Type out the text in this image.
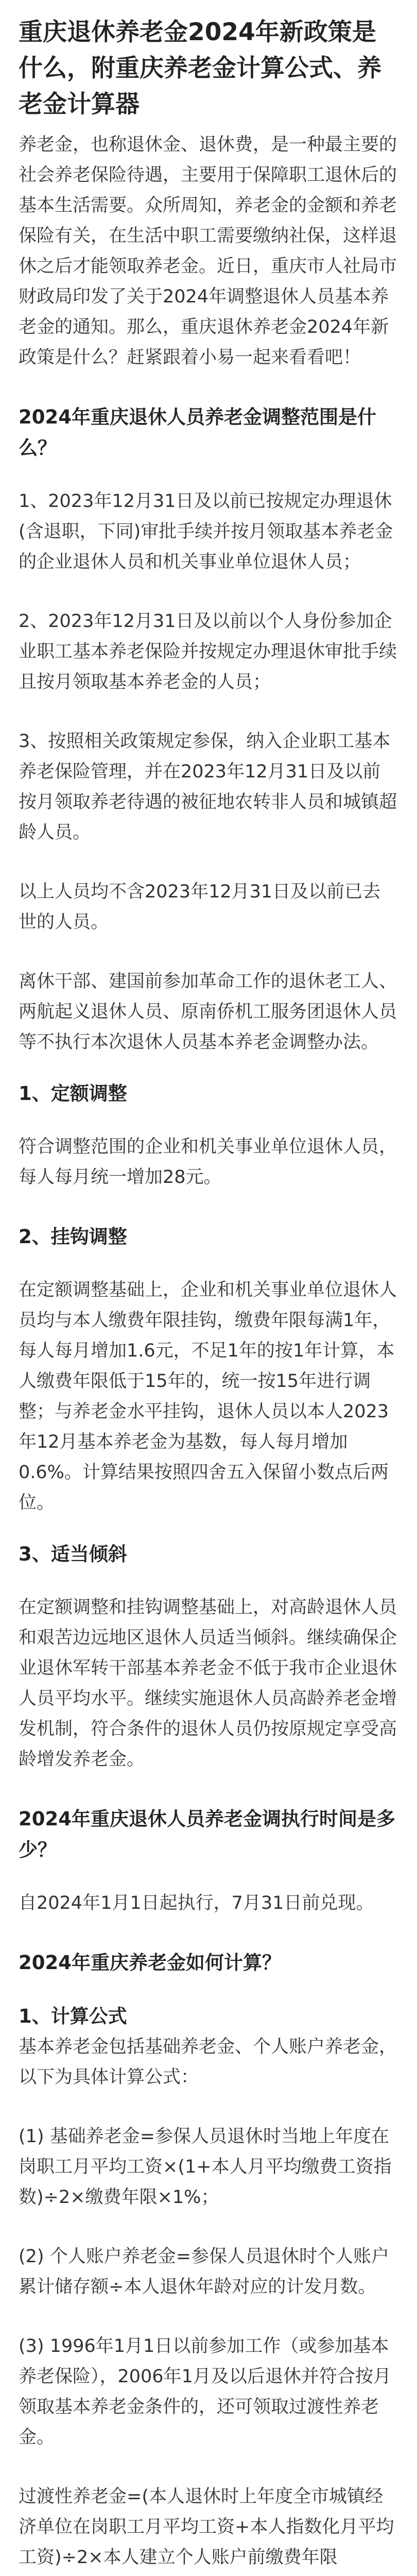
重庆退休养老金2024年新政策是什么，附重庆养老金计算公式、养老金计算器

养老金，也称退休金、退休费，是一种最主要的社会养老保险待遇，主要用于保障职工退休后的基本生活需要。众所周知，养老金的金额和养老保险有关，在生活中职工需要缴纳社保，这样退休之后才能领取养老金。近日，重庆市人社局市财政局印发了关于2024年调整退休人员基本养老金的通知。那么，重庆退休养老金2024年新政策是什么？赶紧跟着小易一起来看看吧！

2024年重庆退休人员养老金调整范围是什么？

1、2023年12月31日及以前已按规定办理退休(含退职，下同)审批手续并按月领取基本养老金的企业退休人员和机关事业单位退休人员；

2、2023年12月31日及以前以个人身份参加企业职工基本养老保险并按规定办理退休审批手续且按月领取基本养老金的人员；

3、按照相关政策规定参保，纳入企业职工基本养老保险管理，并在2023年12月31日及以前按月领取养老待遇的被征地农转非人员和城镇超龄人员。

以上人员均不含2023年12月31日及以前已去世的人员。

离休干部、建国前参加革命工作的退休老工人、两航起义退休人员、原南侨机工服务团退休人员等不执行本次退休人员基本养老金调整办法。

1、定额调整

符合调整范围的企业和机关事业单位退休人员，每人每月统一增加28元。

2、挂钩调整

在定额调整基础上，企业和机关事业单位退休人员均与本人缴费年限挂钩，缴费年限每满1年，每人每月增加1.6元，不足1年的按1年计算，本人缴费年限低于15年的，统一按15年进行调整；与养老金水平挂钩，退休人员以本人2023年12月基本养老金为基数，每人每月增加0.6%。计算结果按照四舍五入保留小数点后两位。

3、适当倾斜

在定额调整和挂钩调整基础上，对高龄退休人员和艰苦边远地区退休人员适当倾斜。继续确保企业退休军转干部基本养老金不低于我市企业退休人员平均水平。继续实施退休人员高龄养老金增发机制，符合条件的退休人员仍按原规定享受高龄增发养老金。

2024年重庆退休人员养老金调执行时间是多少？

自2024年1月1日起执行，7月31日前兑现。

2024年重庆养老金如何计算？
1、计算公式

基本养老金包括基础养老金、个人账户养老金，以下为具体计算公式：

(1) 基础养老金=参保人员退休时当地上年度在岗职工月平均工资×(1+本人月平均缴费工资指数)÷2×缴费年限×1%；

(2) 个人账户养老金=参保人员退休时个人账户累计储存额÷本人退休年龄对应的计发月数。

(3) 1996年1月1日以前参加工作（或参加基本养老保险），2006年1月及以后退休并符合按月领取基本养老金条件的，还可领取过渡性养老金。

过渡性养老金=(本人退休时上年度全市城镇经济单位在岗职工月平均工资+本人指数化月平均工资)÷2×本人建立个人账户前缴费年限
